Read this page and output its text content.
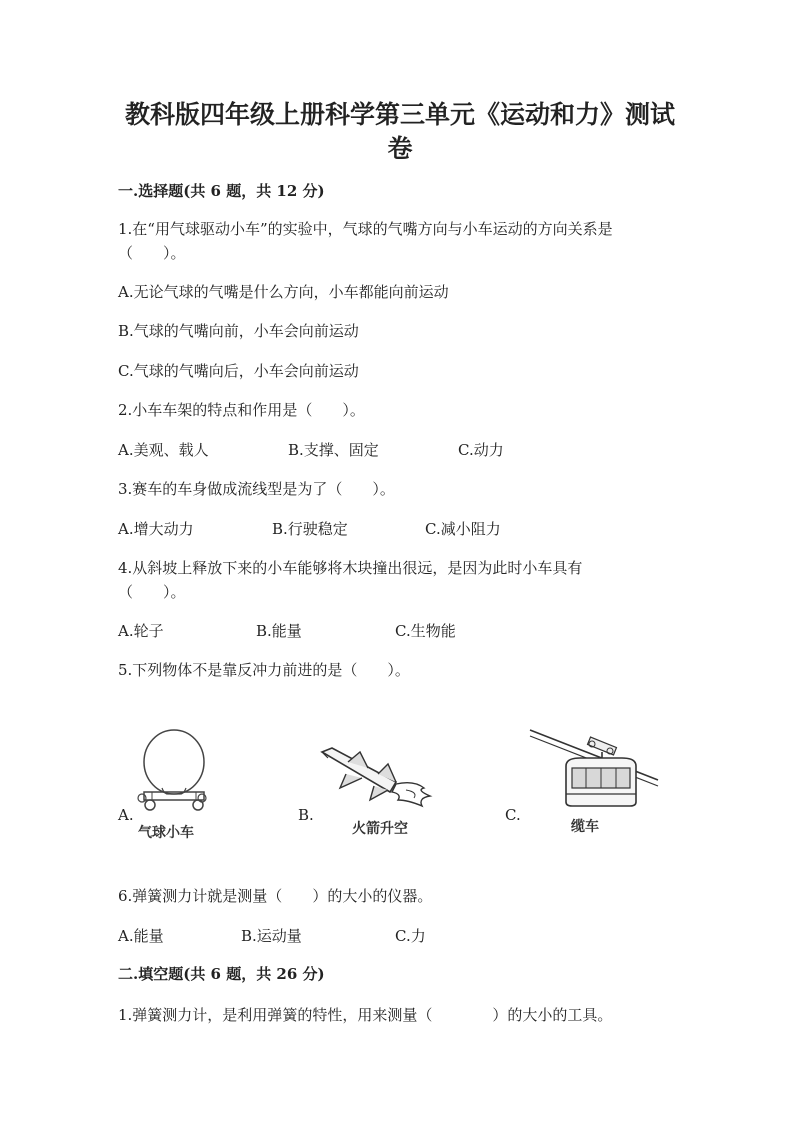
教科版四年级上册科学第三单元《运动和力》测试
卷
一.选择题(共 6 题，共 12 分)
1.在“用气球驱动小车”的实验中，气球的气嘴方向与小车运动的方向关系是
（　　）。
A.无论气球的气嘴是什么方向，小车都能向前运动
B.气球的气嘴向前，小车会向前运动
C.气球的气嘴向后，小车会向前运动
2.小车车架的特点和作用是（　　）。
A.美观、载人	B.支撑、固定	C.动力
3.赛车的车身做成流线型是为了（　　）。
A.增大动力	B.行驶稳定	C.减小阻力
4.从斜坡上释放下来的小车能够将木块撞出很远，是因为此时小车具有
（　　）。
A.轮子	B.能量	C.生物能
5.下列物体不是靠反冲力前进的是（　　）。
A.	B.	C.
气球小车	火箭升空	缆车
6.弹簧测力计就是测量（　　）的大小的仪器。
A.能量	B.运动量	C.力
二.填空题(共 6 题，共 26 分)
1.弹簧测力计，是利用弹簧的特性，用来测量（　　　　）的大小的工具。
